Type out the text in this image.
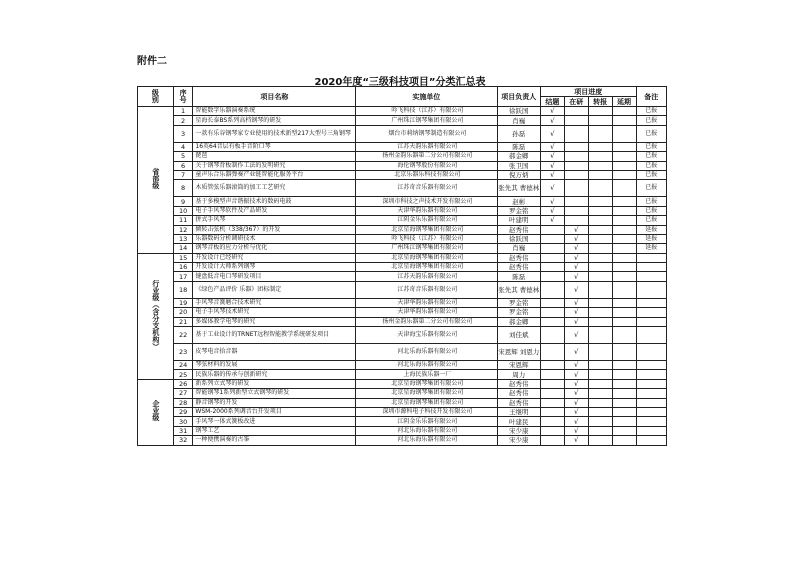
附件二
2020年度“三级科技项目”分类汇总表
级别	序号	项目名称	实施单位	项目负责人	项目进度				备注
					结题	在研	转报	延期	
省部级	1	智能数字乐器演奏系统	吟飞科技（江苏）有限公司	徐跃国	√				已报
	2	星海长泰BS系列高档钢琴的研发	广州珠江钢琴集团有限公司	肖巍	√				已报
	3	一款有乐谷钢琴家专业使用的技术新型217大型号三角钢琴	烟台市莉纳钢琴制造有限公司	孙磊	√				已报
	4	16英64音层有板手音阶口琴	江苏天韵乐器有限公司	陈磊	√				已报
	5	琵琶	扬州金韵乐器第二分公司有限公司	郝金卿	√				已报
	6	关于钢琴背板制作工法的发明研究	海伦钢琴股份有限公司	张卫国	√				已报
	7	童声乐合乐器弹奏产业链智能化服务平台	北京乐器乐科技有限公司	倪万炳	√				已报
	8	木质管弦乐器滚筒的加工工艺研究	江苏奇音乐器有限公司	张先其 曹德林	√				已报
	9	基于多模型声音谐振技术的数码电鼓	深圳市科技之声技术开发有限公司	赵彬	√				已报
	10	电子手风琴软件及产品研发	天津华韵乐器有限公司	罗金铭	√				已报
	11	拼式手风琴	江阴金乐乐器有限公司	叶建明	√				已报
	12	倾转击弦机（338/367）的开发	北京星海钢琴集团有限公司	赵秀伟		√			延报
	13	乐器数码分析调研技术	吟飞科技（江苏）有限公司	徐跃国		√			延报
	14	钢琴音板的应力分析与优化	广州珠江钢琴集团有限公司	肖巍		√			延报
行业级（含分支机构）	15	开发设计已经研究	北京星海钢琴集团有限公司	赵秀伟		√			
	16	开发设计大师系列钢琴	北京星海钢琴集团有限公司	赵秀伟		√			
	17	键盘低音电口琴研发项目	江苏天韵乐器有限公司	陈磊		√			
	18	《绿色产品评价 乐器》团标制定	江苏奇音乐器有限公司	张先其 曹德林		√			
	19	手风琴音簧磨合技术研究	天津华韵乐器有限公司	罗金铭		√			
	20	电子手风琴技术研究	天津华韵乐器有限公司	罗金铭		√			
	21	多媒体教学电琴的研究	扬州金韵乐器第二分公司有限公司	郝金卿		√			
	22	基于工业设计的TRNET远程智能教学系统研发项目	天津海宝乐器有限公司	刘佳斌		√			
	23	皮琴电音拾音器	河北乐海乐器有限公司	宋恩辉 刘恩力		√			
	24	琴弦材料的发展	河北乐海乐器有限公司	宋恩辉		√			
	25	民族乐器的传承与创新研究	上海民族乐器一厂	周力		√			
企业级	26	新系列立式琴的研发	北京星海钢琴集团有限公司	赵秀伟		√			
	27	智能钢琴1系列新型立式钢琴的研发	北京星海钢琴集团有限公司	赵秀伟		√			
	28	静音钢琴的开发	北京星海钢琴集团有限公司	赵秀伟		√			
	29	WSM-2000系列调音台开发项目	深圳市源科电子科技开发有限公司	王继明		√			
	30	手风琴一体式簧板改进	江阴金乐乐器有限公司	叶建民		√			
	31	钢琴工艺	河北乐海乐器有限公司	宋少康		√			
	32	一种便携演奏的古筝	河北乐海乐器有限公司	宋少康		√			
